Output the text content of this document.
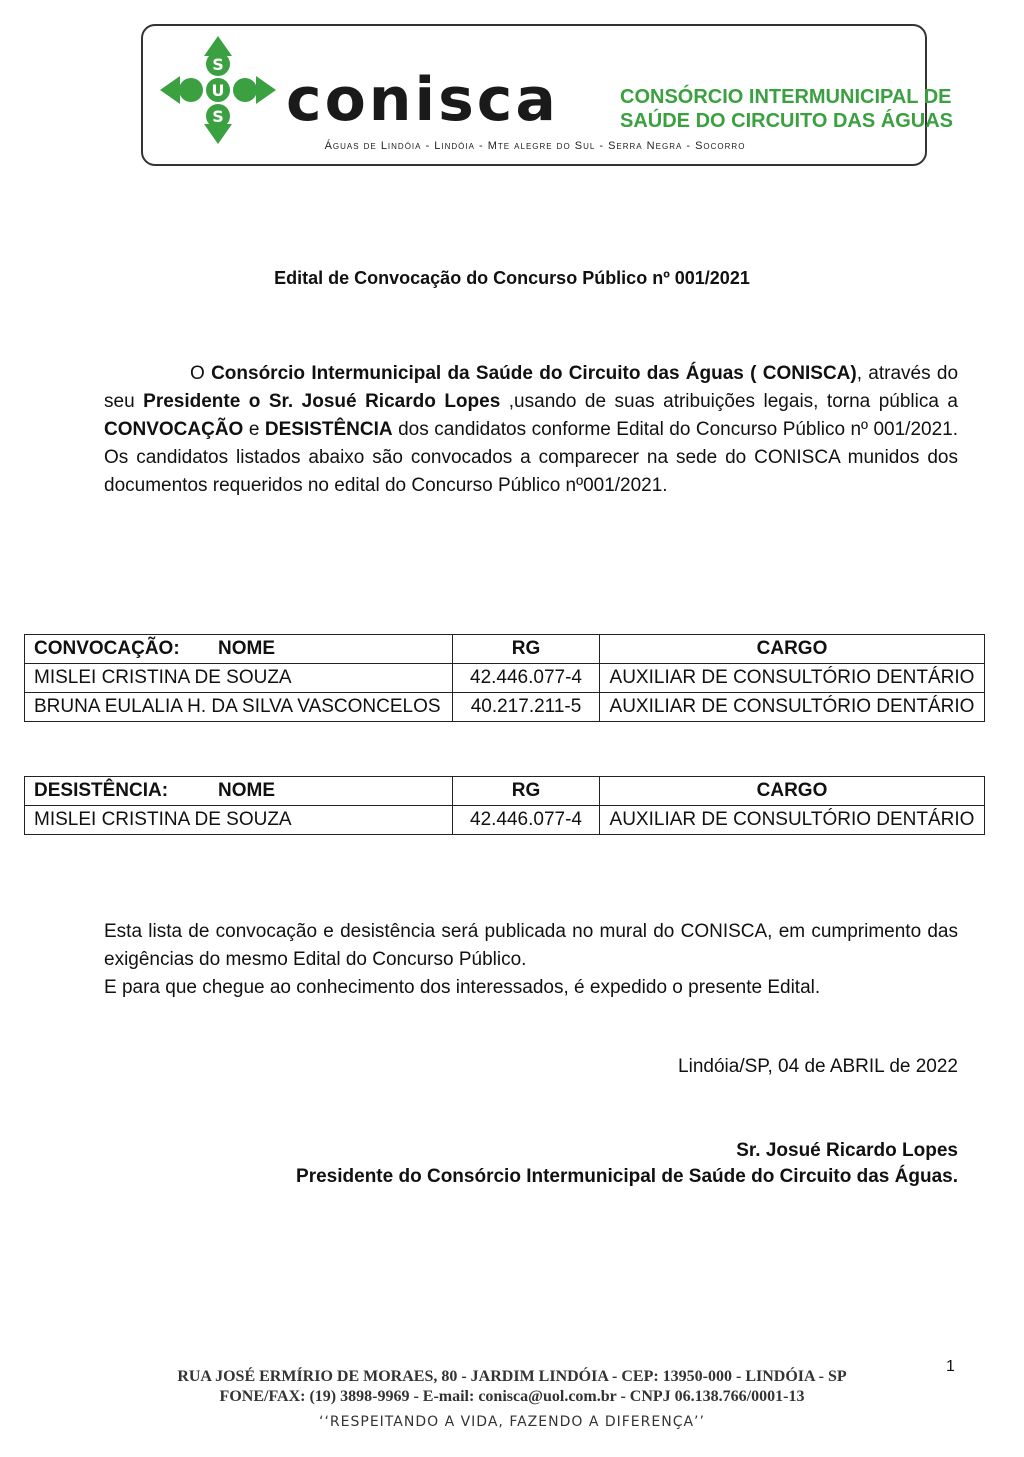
S
U
S conisca	CONSÓRCIO INTERMUNICIPAL DE
SAÚDE DO CIRCUITO DAS ÁGUAS
Águas de Lindóia - Lindóia - Mte alegre do Sul - Serra Negra - Socorro
Edital de Convocação do Concurso Público nº 001/2021
O Consórcio Intermunicipal da Saúde do Circuito das Águas ( CONISCA), através do seu Presidente o Sr. Josué Ricardo Lopes ,usando de suas atribuições legais, torna pública a CONVOCAÇÃO e DESISTÊNCIA dos candidatos conforme Edital do Concurso Público nº 001/2021. Os candidatos listados abaixo são convocados a comparecer na sede do CONISCA munidos dos documentos requeridos no edital do Concurso Público nº001/2021.
CONVOCAÇÃO: NOME	RG	CARGO
MISLEI CRISTINA DE SOUZA	42.446.077-4	AUXILIAR DE CONSULTÓRIO DENTÁRIO
BRUNA EULALIA H. DA SILVA VASCONCELOS	40.217.211-5	AUXILIAR DE CONSULTÓRIO DENTÁRIO
DESISTÊNCIA: NOME	RG	CARGO
MISLEI CRISTINA DE SOUZA	42.446.077-4	AUXILIAR DE CONSULTÓRIO DENTÁRIO
Esta lista de convocação e desistência será publicada no mural do CONISCA, em cumprimento das exigências do mesmo Edital do Concurso Público.
E para que chegue ao conhecimento dos interessados, é expedido o presente Edital.
Lindóia/SP, 04 de ABRIL de 2022
Sr. Josué Ricardo Lopes
Presidente do Consórcio Intermunicipal de Saúde do Circuito das Águas.
1
RUA JOSÉ ERMÍRIO DE MORAES, 80 - JARDIM LINDÓIA - CEP: 13950-000 - LINDÓIA - SP
FONE/FAX: (19) 3898-9969 - E-mail: conisca@uol.com.br - CNPJ 06.138.766/0001-13
‘‘RESPEITANDO A VIDA, FAZENDO A DIFERENÇA’’
